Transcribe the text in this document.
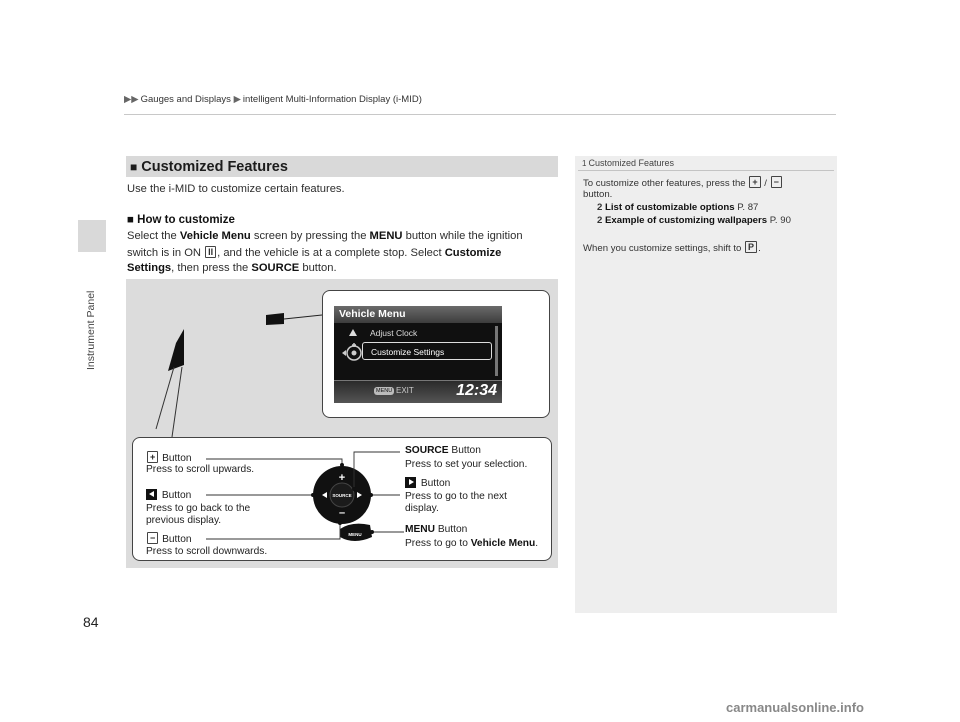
Instrument Panel
▶▶ Gauges and Displays ▶ intelligent Multi-Information Display (i-MID)
■ Customized Features
Use the i-MID to customize certain features.
■ How to customize
Select the Vehicle Menu screen by pressing the MENU button while the ignition
switch is in ON II , and the vehicle is at a complete stop. Select Customize
Settings, then press the SOURCE button.
1 Customized Features
To customize other features, press the + / −
button.
2 List of customizable options P. 87
2 Example of customizing wallpapers P. 90
When you customize settings, shift to P .
Vehicle Menu
Adjust Clock
Customize Settings
MENU EXIT	12:34
SOURCE
+
–
MENU
+ Button
Press to scroll upwards.
Button
Press to go back to the
previous display.
− Button
Press to scroll downwards.
SOURCE Button
Press to set your selection.
Button
Press to go to the next
display.
MENU Button
Press to go to Vehicle Menu.
84
carmanualsonline.info
